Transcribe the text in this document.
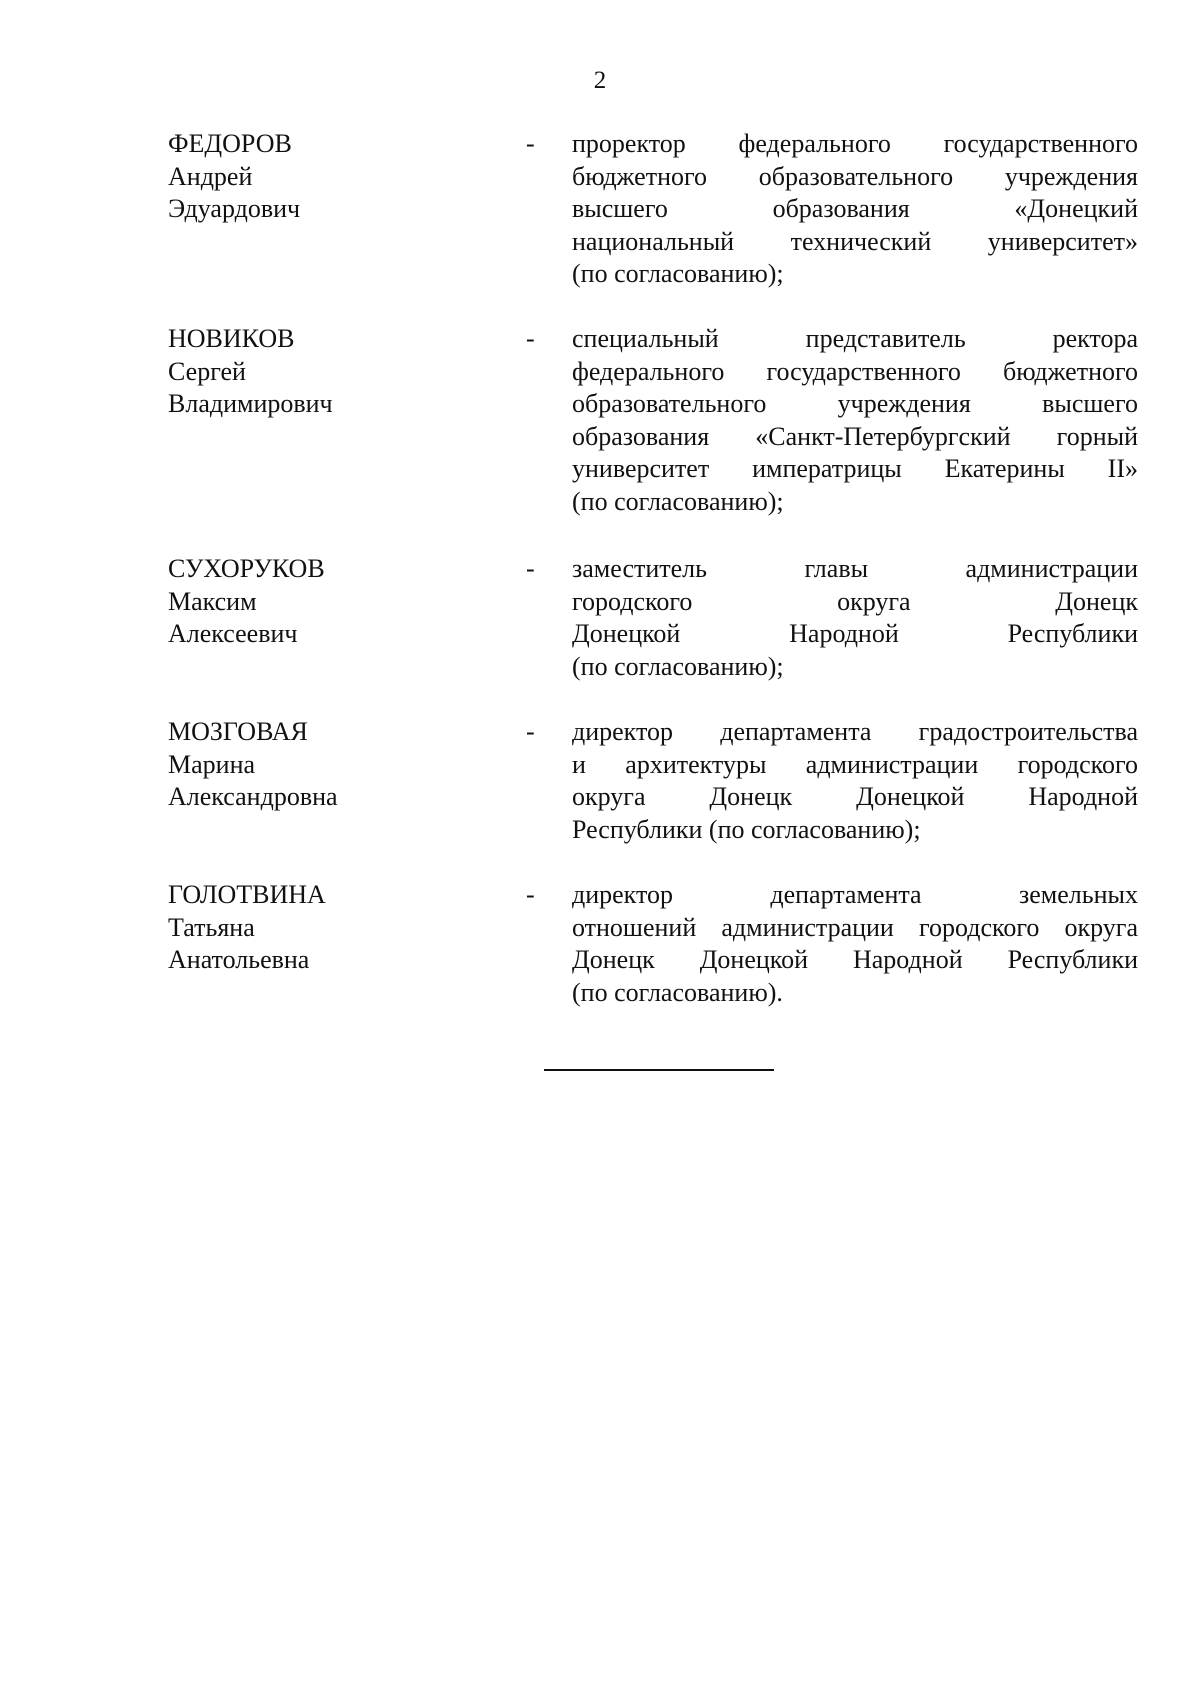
2
ФЕДОРОВ
Андрей
Эдуардович
- проректор федерального государственного
бюджетного образовательного учреждения
высшего образования «Донецкий
национальный технический университет»
(по согласованию);
НОВИКОВ
Сергей
Владимирович
- специальный представитель ректора
федерального государственного бюджетного
образовательного учреждения высшего
образования «Санкт-Петербургский горный
университет императрицы Екатерины II»
(по согласованию);
СУХОРУКОВ
Максим
Алексеевич
- заместитель главы администрации
городского округа Донецк
Донецкой Народной Республики
(по согласованию);
МОЗГОВАЯ
Марина
Александровна
- директор департамента градостроительства
и архитектуры администрации городского
округа Донецк Донецкой Народной
Республики (по согласованию);
ГОЛОТВИНА
Татьяна
Анатольевна
- директор департамента земельных
отношений администрации городского округа
Донецк Донецкой Народной Республики
(по согласованию).
